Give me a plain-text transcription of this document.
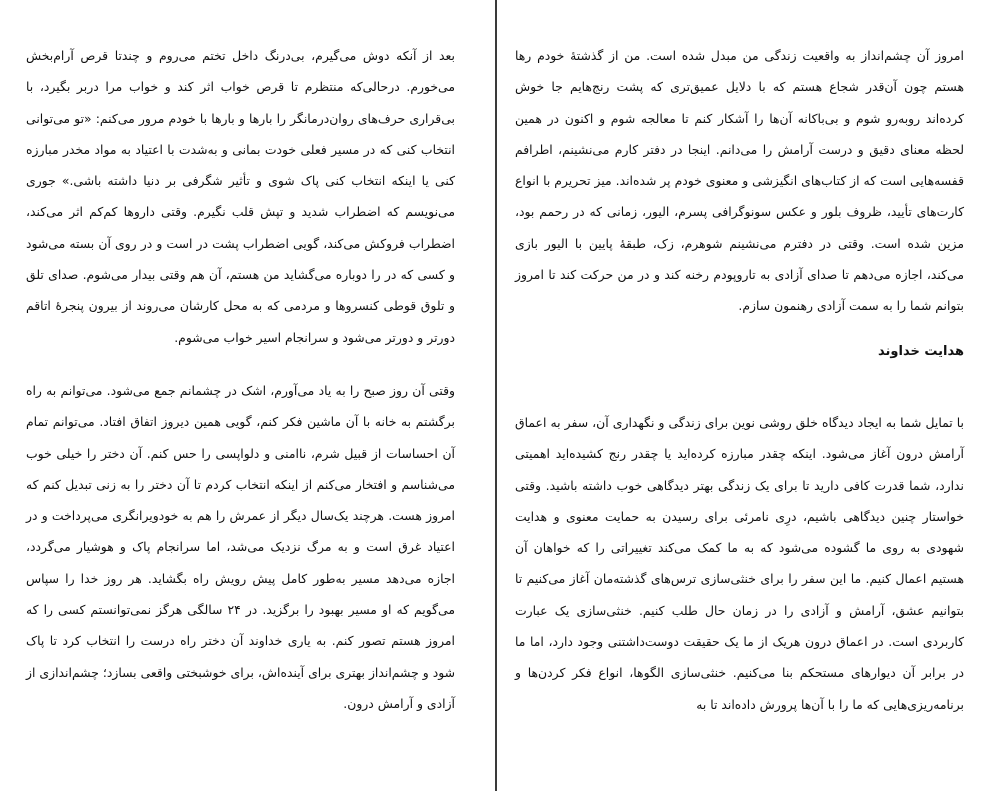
بعد از آنکه دوش می‌گیرم، بی‌درنگ داخل تختم می‌روم و چندتا قرص آرام‌بخش می‌خورم. درحالی‌که منتظرم تا قرص خواب اثر کند و خواب مرا دربر بگیرد، با بی‌قراری حرف‌های روان‌درمانگر را بارها و بارها با خودم مرور می‌کنم: «تو می‌توانی انتخاب کنی که در مسیر فعلی خودت بمانی و به‌شدت با اعتیاد به مواد مخدر مبارزه کنی یا اینکه انتخاب کنی پاک شوی و تأثیر شگرفی بر دنیا داشته باشی.» جوری می‌نویسم که اضطراب شدید و تپش قلب نگیرم. وقتی داروها کم‌کم اثر می‌کند، اضطراب فروکش می‌کند، گویی اضطراب پشت در است و در روی آن بسته می‌شود و کسی که در را دوباره می‌گشاید من هستم، آن هم وقتی بیدار می‌شوم. صدای تلق و تلوق قوطی کنسروها و مردمی که به محل کارشان می‌روند از بیرون پنجرهٔ اتاقم دورتر و دورتر می‌شود و سرانجام اسیر خواب می‌شوم.

وقتی آن روز صبح را به یاد می‌آورم، اشک در چشمانم جمع می‌شود. می‌توانم به راه برگشتم به خانه با آن ماشین فکر کنم، گویی همین دیروز اتفاق افتاد. می‌توانم تمام آن احساسات از قبیل شرم، ناامنی و دلواپسی را حس کنم. آن دختر را خیلی خوب می‌شناسم و افتخار می‌کنم از اینکه انتخاب کردم تا آن دختر را به زنی تبدیل کنم که امروز هست. هرچند یک‌سال دیگر از عمرش را هم به خودویرانگری می‌پرداخت و در اعتیاد غرق است و به مرگ نزدیک می‌شد، اما سرانجام پاک و هوشیار می‌گردد، اجازه می‌دهد مسیر به‌طور کامل پیش رویش راه بگشاید. هر روز خدا را سپاس می‌گویم که او مسیر بهبود را برگزید. در ۲۴ سالگی هرگز نمی‌توانستم کسی را که امروز هستم تصور کنم. به یاری خداوند آن دختر راه درست را انتخاب کرد تا پاک شود و چشم‌انداز بهتری برای آینده‌اش، برای خوشبختی واقعی بسازد؛ چشم‌اندازی از آزادی و آرامش درون.

امروز آن چشم‌انداز به واقعیت زندگی من مبدل شده است. من از گذشتهٔ خودم رها هستم چون آن‌قدر شجاع هستم که با دلایل عمیق‌تری که پشت رنج‌هایم جا خوش کرده‌اند روبه‌رو شوم و بی‌باکانه آن‌ها را آشکار کنم تا معالجه شوم و اکنون در همین لحظه معنای دقیق و درست آرامش را می‌دانم. اینجا در دفتر کارم می‌نشینم، اطرافم قفسه‌هایی است که از کتاب‌های انگیزشی و معنوی خودم پر شده‌اند. میز تحریرم با انواع کارت‌های تأیید، ظروف بلور و عکس سونوگرافی پسرم، الیور، زمانی که در رحمم بود، مزین شده است. وقتی در دفترم می‌نشینم شوهرم، زک، طبقهٔ پایین با الیور بازی می‌کند، اجازه می‌دهم تا صدای آزادی به تاروپودم رخنه کند و در من حرکت کند تا امروز بتوانم شما را به سمت آزادی رهنمون سازم.

هدایت خداوند

با تمایل شما به ایجاد دیدگاه خلق روشی نوین برای زندگی و نگهداری آن، سفر به اعماق آرامش درون آغاز می‌شود. اینکه چقدر مبارزه کرده‌اید یا چقدر رنج کشیده‌اید اهمیتی ندارد، شما قدرت کافی دارید تا برای یک زندگی بهتر دیدگاهی خوب داشته باشید. وقتی خواستار چنین دیدگاهی باشیم، درِی نامرئی برای رسیدن به حمایت معنوی و هدایت شهودی به روی ما گشوده می‌شود که به ما کمک می‌کند تغییراتی را که خواهان آن هستیم اعمال کنیم. ما این سفر را برای خنثی‌سازی ترس‌های گذشته‌مان آغاز می‌کنیم تا بتوانیم عشق، آرامش و آزادی را در زمان حال طلب کنیم. خنثی‌سازی یک عبارت کاربردی است. در اعماق درون هریک از ما یک حقیقت دوست‌داشتنی وجود دارد، اما ما در برابر آن دیوارهای مستحکم بنا می‌کنیم. خنثی‌سازی الگوها، انواع فکر کردن‌ها و برنامه‌ریزی‌هایی که ما را با آن‌ها پرورش داده‌اند تا به
